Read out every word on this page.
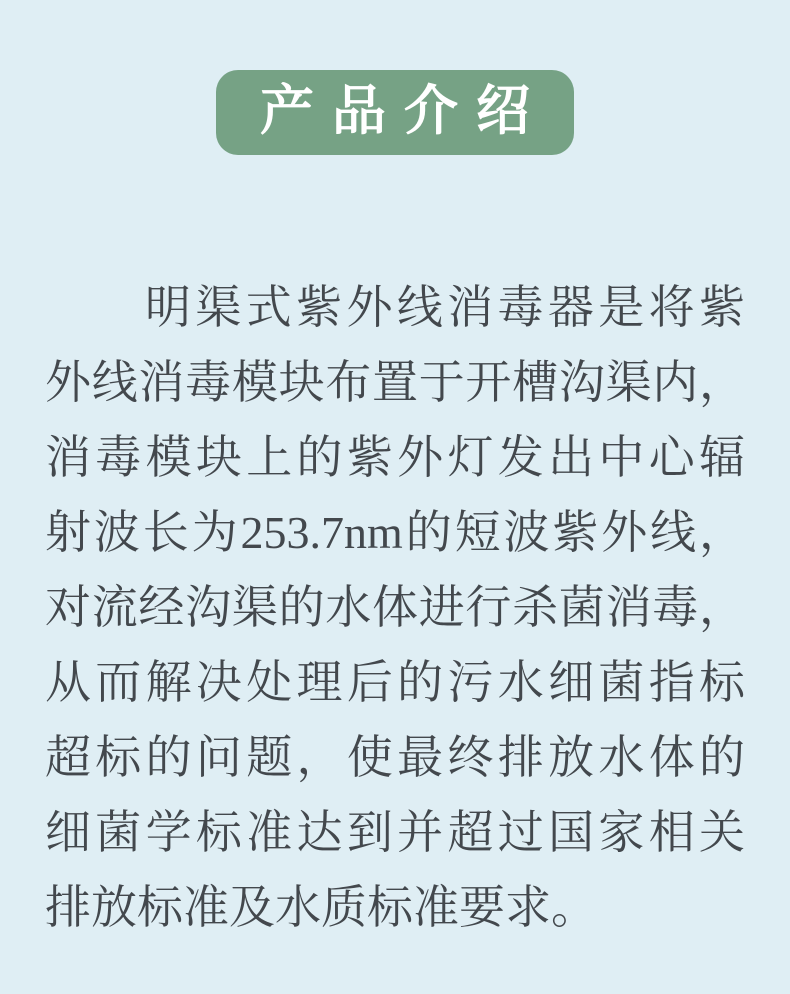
产品介绍
明渠式紫外线消毒器是将紫
外线消毒模块布置于开槽沟渠内，
消毒模块上的紫外灯发出中心辐
射波长为253.7nm的短波紫外线，
对流经沟渠的水体进行杀菌消毒，
从而解决处理后的污水细菌指标
超标的问题，使最终排放水体的
细菌学标准达到并超过国家相关
排放标准及水质标准要求。
